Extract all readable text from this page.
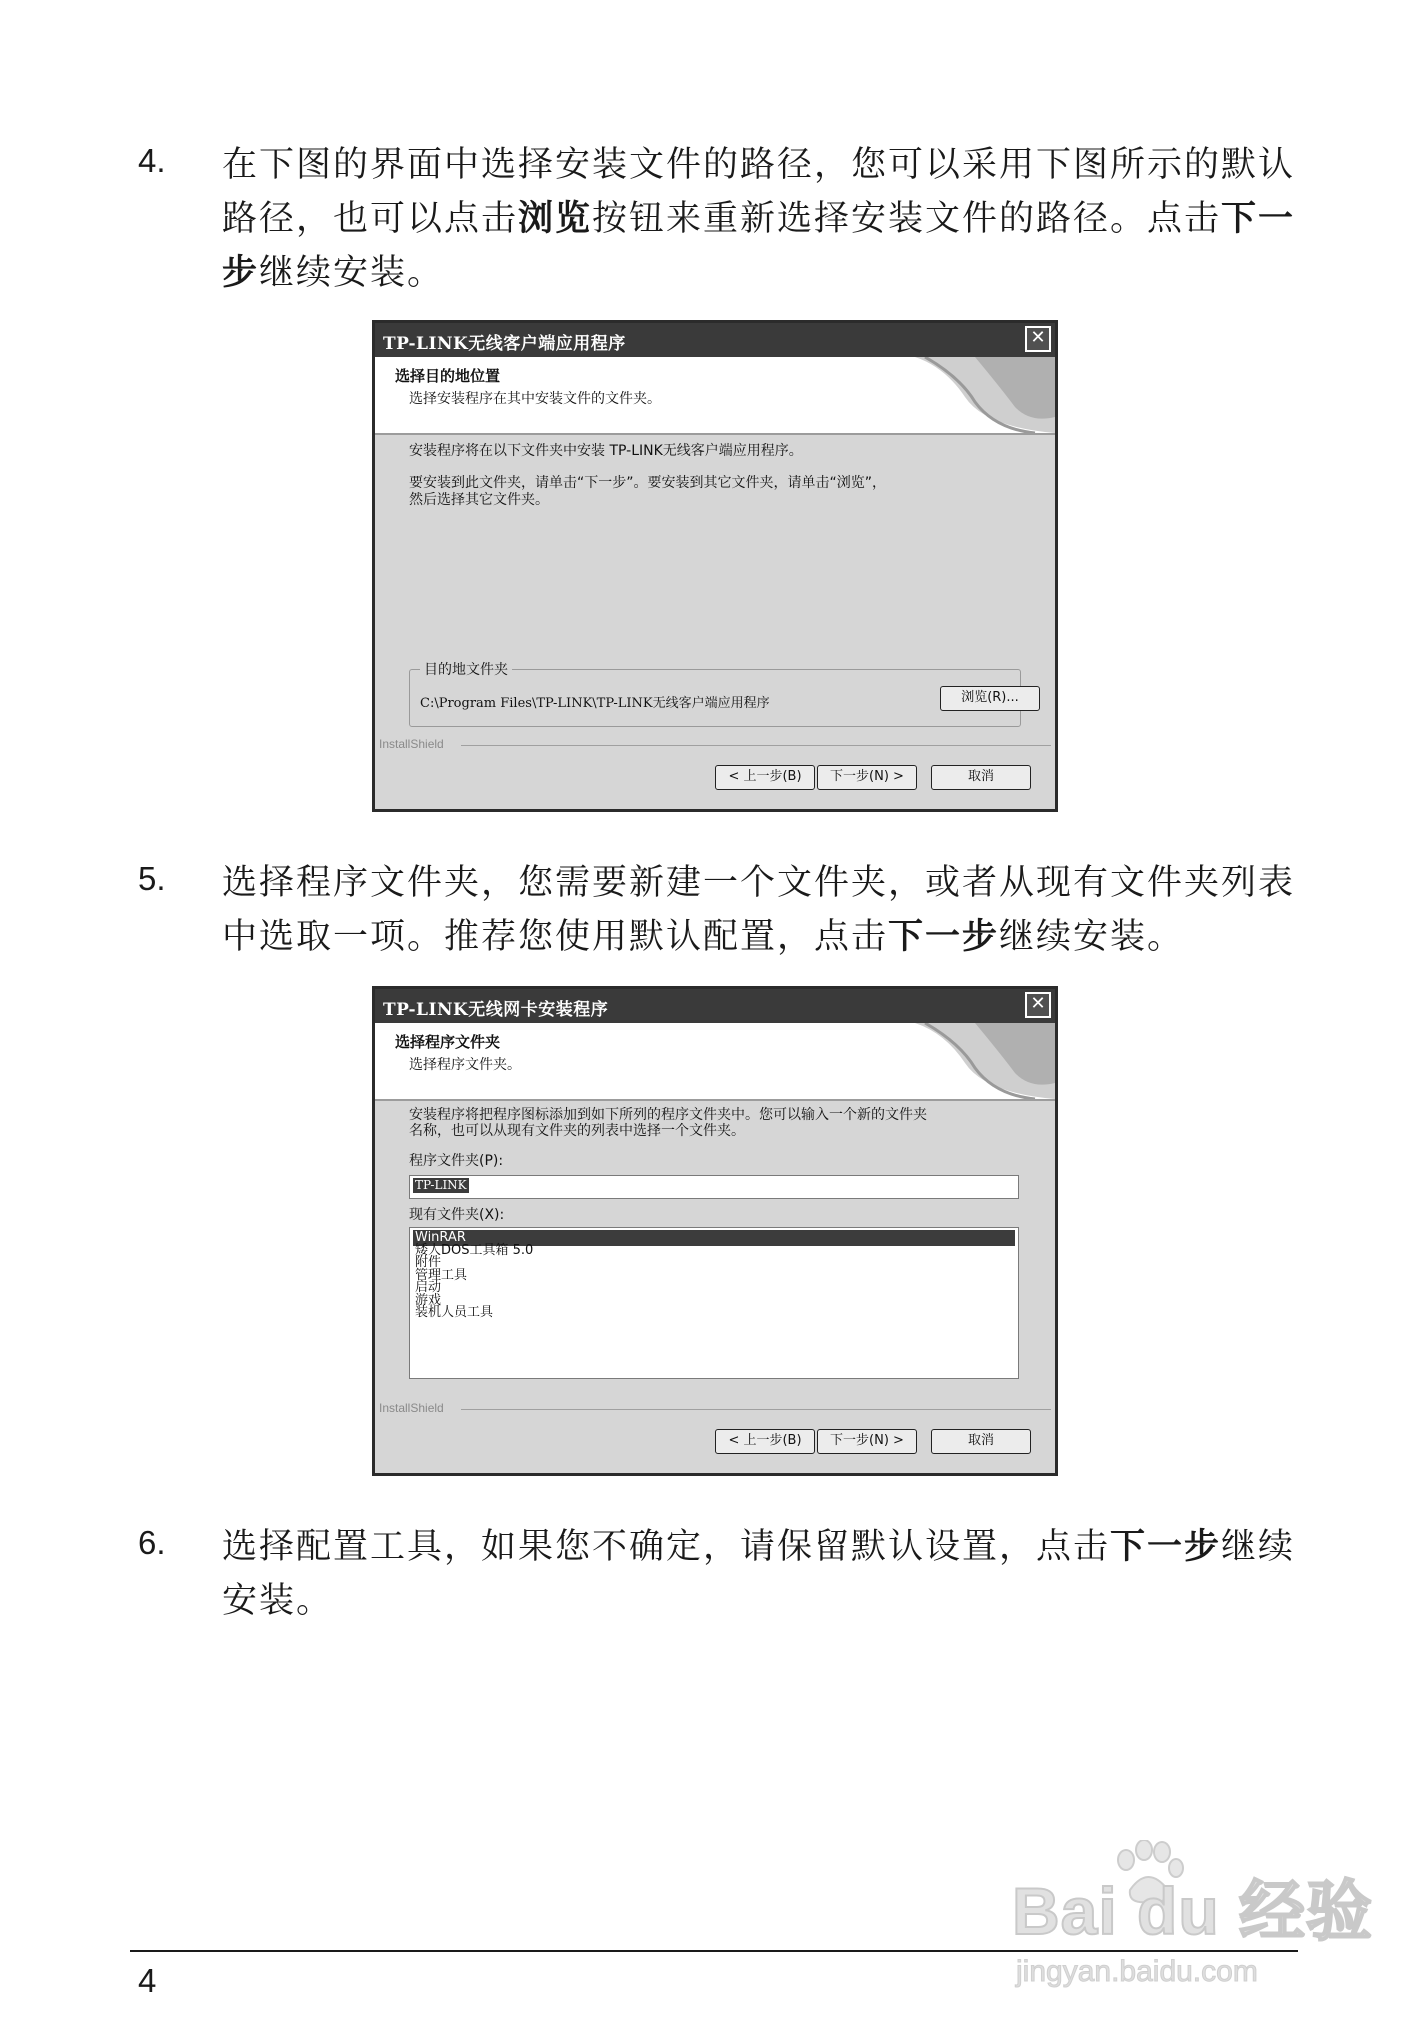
4. 在下图的界面中选择安装文件的路径，您可以采用下图所示的默认
路径，也可以点击浏览按钮来重新选择安装文件的路径。点击下一
步继续安装。
TP-LINK无线客户端应用程序	✕
选择目的地位置
选择安装程序在其中安装文件的文件夹。
安装程序将在以下文件夹中安装 TP-LINK无线客户端应用程序。
要安装到此文件夹，请单击“下一步”。要安装到其它文件夹，请单击“浏览”，
然后选择其它文件夹。
目的地文件夹
C:\Program Files\TP-LINK\TP-LINK无线客户端应用程序	浏览(R)...
InstallShield
< 上一步(B)	下一步(N) >	取消
5. 选择程序文件夹，您需要新建一个文件夹，或者从现有文件夹列表
中选取一项。推荐您使用默认配置，点击下一步继续安装。
TP-LINK无线网卡安装程序	✕
选择程序文件夹
选择程序文件夹。
安装程序将把程序图标添加到如下所列的程序文件夹中。您可以输入一个新的文件夹
名称，也可以从现有文件夹的列表中选择一个文件夹。
程序文件夹(P):
TP-LINK
现有文件夹(X):
WinRAR
矮人DOS工具箱 5.0
附件
管理工具
启动
游戏
装机人员工具
InstallShield
< 上一步(B)	下一步(N) >	取消
6. 选择配置工具，如果您不确定，请保留默认设置，点击下一步继续
安装。
4
Bai du 经验
jingyan.baidu.com
